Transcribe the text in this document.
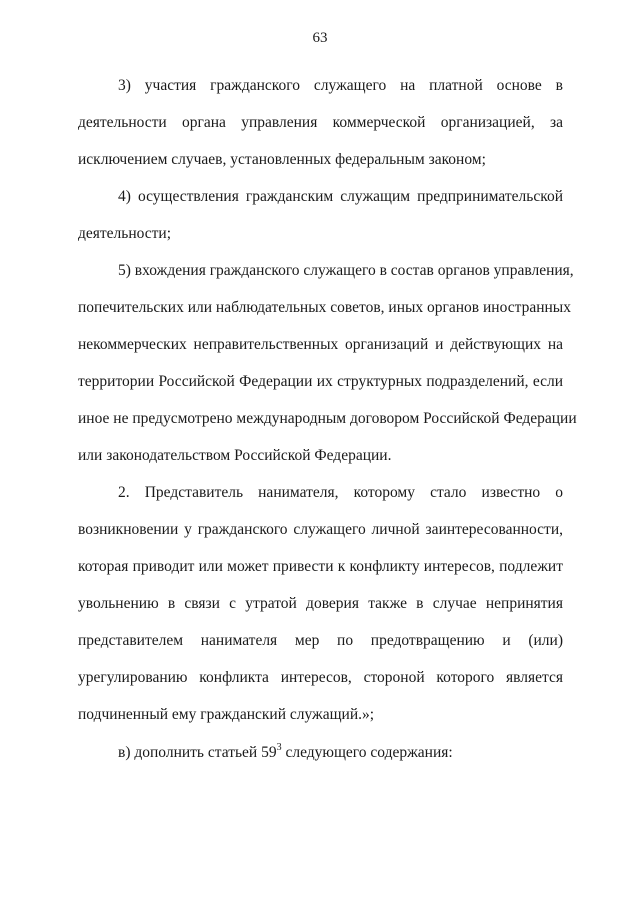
63
3) участия гражданского служащего на платной основе в
деятельности органа управления коммерческой организацией, за
исключением случаев, установленных федеральным законом;
4) осуществления гражданским служащим предпринимательской
деятельности;
5) вхождения гражданского служащего в состав органов управления,
попечительских или наблюдательных советов, иных органов иностранных
некоммерческих неправительственных организаций и действующих на
территории Российской Федерации их структурных подразделений, если
иное не предусмотрено международным договором Российской Федерации
или законодательством Российской Федерации.
2. Представитель нанимателя, которому стало известно о
возникновении у гражданского служащего личной заинтересованности,
которая приводит или может привести к конфликту интересов, подлежит
увольнению в связи с утратой доверия также в случае непринятия
представителем нанимателя мер по предотвращению и (или)
урегулированию конфликта интересов, стороной которого является
подчиненный ему гражданский служащий.»;
в) дополнить статьей $59^3$ следующего содержания:
